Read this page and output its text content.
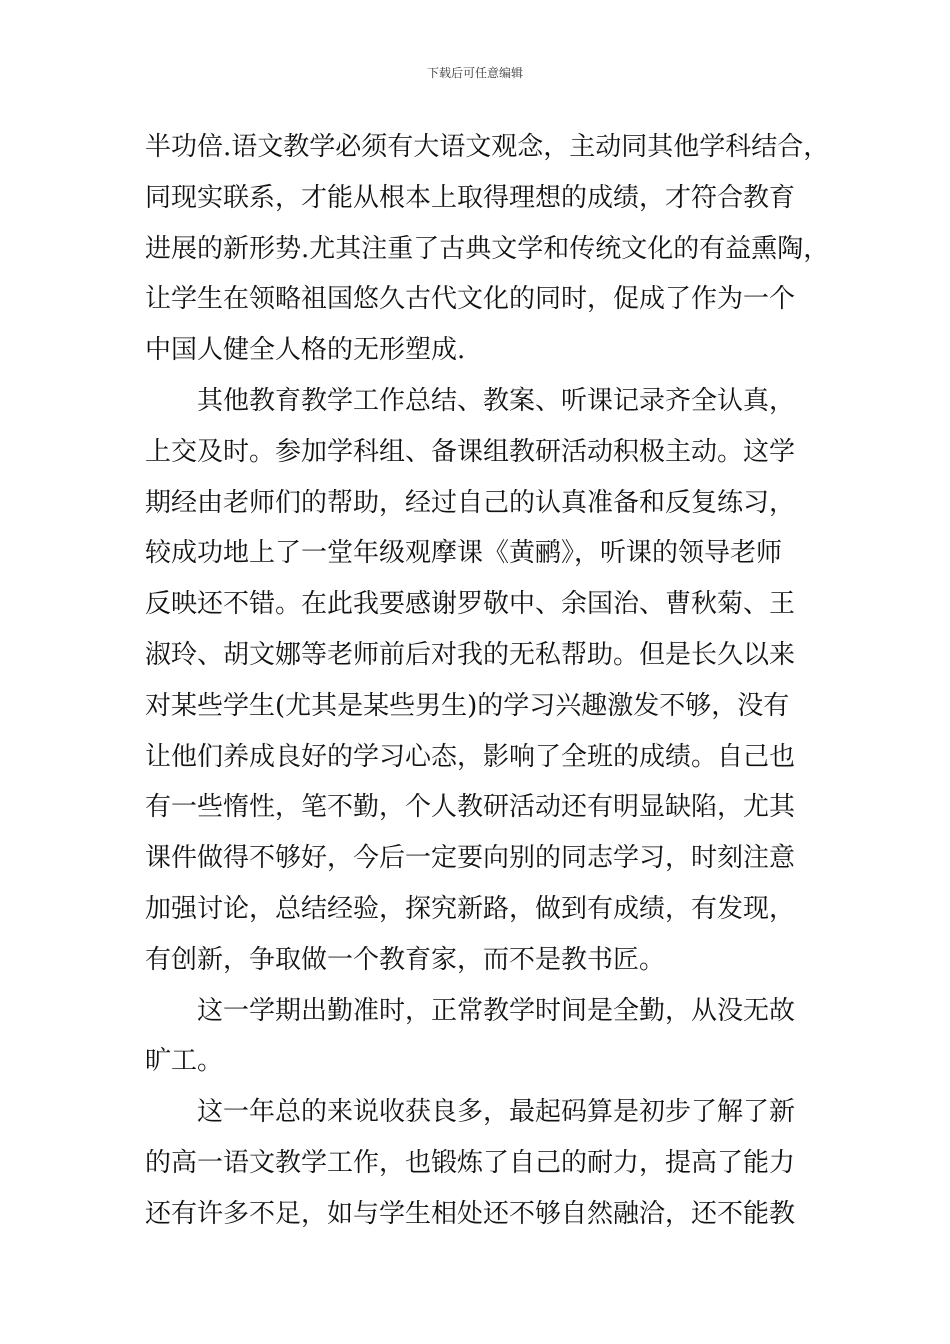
下载后可任意编辑
半功倍.语文教学必须有大语文观念，主动同其他学科结合，
同现实联系，才能从根本上取得理想的成绩，才符合教育
进展的新形势.尤其注重了古典文学和传统文化的有益熏陶，
让学生在领略祖国悠久古代文化的同时，促成了作为一个
中国人健全人格的无形塑成.
其他教育教学工作总结、教案、听课记录齐全认真，
上交及时。参加学科组、备课组教研活动积极主动。这学
期经由老师们的帮助，经过自己的认真准备和反复练习，
较成功地上了一堂年级观摩课《黄鹂》，听课的领导老师
反映还不错。在此我要感谢罗敬中、余国治、曹秋菊、王
淑玲、胡文娜等老师前后对我的无私帮助。但是长久以来
对某些学生(尤其是某些男生)的学习兴趣激发不够，没有
让他们养成良好的学习心态，影响了全班的成绩。自己也
有一些惰性，笔不勤，个人教研活动还有明显缺陷，尤其
课件做得不够好，今后一定要向别的同志学习，时刻注意
加强讨论，总结经验，探究新路，做到有成绩，有发现，
有创新，争取做一个教育家，而不是教书匠。
这一学期出勤准时，正常教学时间是全勤，从没无故
旷工。
这一年总的来说收获良多，最起码算是初步了解了新
的高一语文教学工作，也锻炼了自己的耐力，提高了能力
还有许多不足，如与学生相处还不够自然融洽，还不能教
